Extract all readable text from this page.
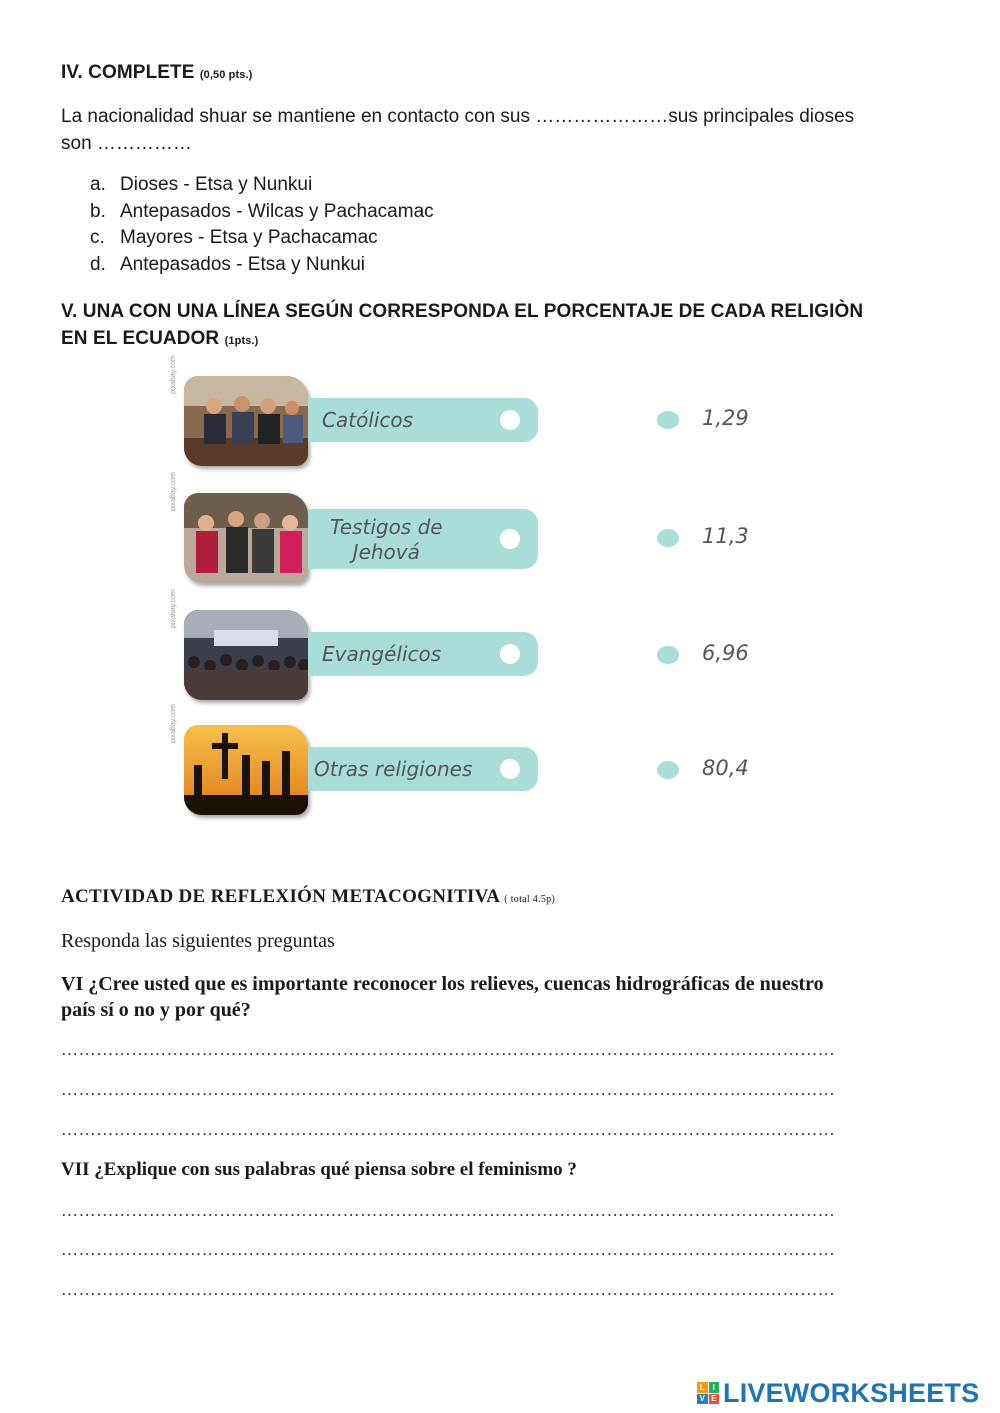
IV. COMPLETE (0,50 pts.)
La nacionalidad shuar se mantiene en contacto con sus …………………sus principales dioses
son ……………
a. Dioses - Etsa y Nunkui
b. Antepasados - Wilcas y Pachacamac
c. Mayores - Etsa y Pachacamac
d. Antepasados - Etsa y Nunkui
V. UNA CON UNA LÍNEA SEGÚN CORRESPONDA EL PORCENTAJE DE CADA RELIGIÒN
EN EL ECUADOR (1pts.)
pixabay.com
Católicos	1,29
pixabay.com
Testigos de
Jehová
11,3
pixabay.com
Evangélicos	6,96
pixabay.com
Otras religiones	80,4
ACTIVIDAD DE REFLEXIÓN METACOGNITIVA ( total 4.5p)
Responda las siguientes preguntas
VI ¿Cree usted que es importante reconocer los relieves, cuencas hidrográficas de nuestro
país sí o no y por qué?
……………………………………………………………………………………………………………………
……………………………………………………………………………………………………………………
……………………………………………………………………………………………………………………
VII ¿Explique con sus palabras qué piensa sobre el feminismo ?
……………………………………………………………………………………………………………………
……………………………………………………………………………………………………………………
……………………………………………………………………………………………………………………
L I
V E LIVEWORKSHEETS
